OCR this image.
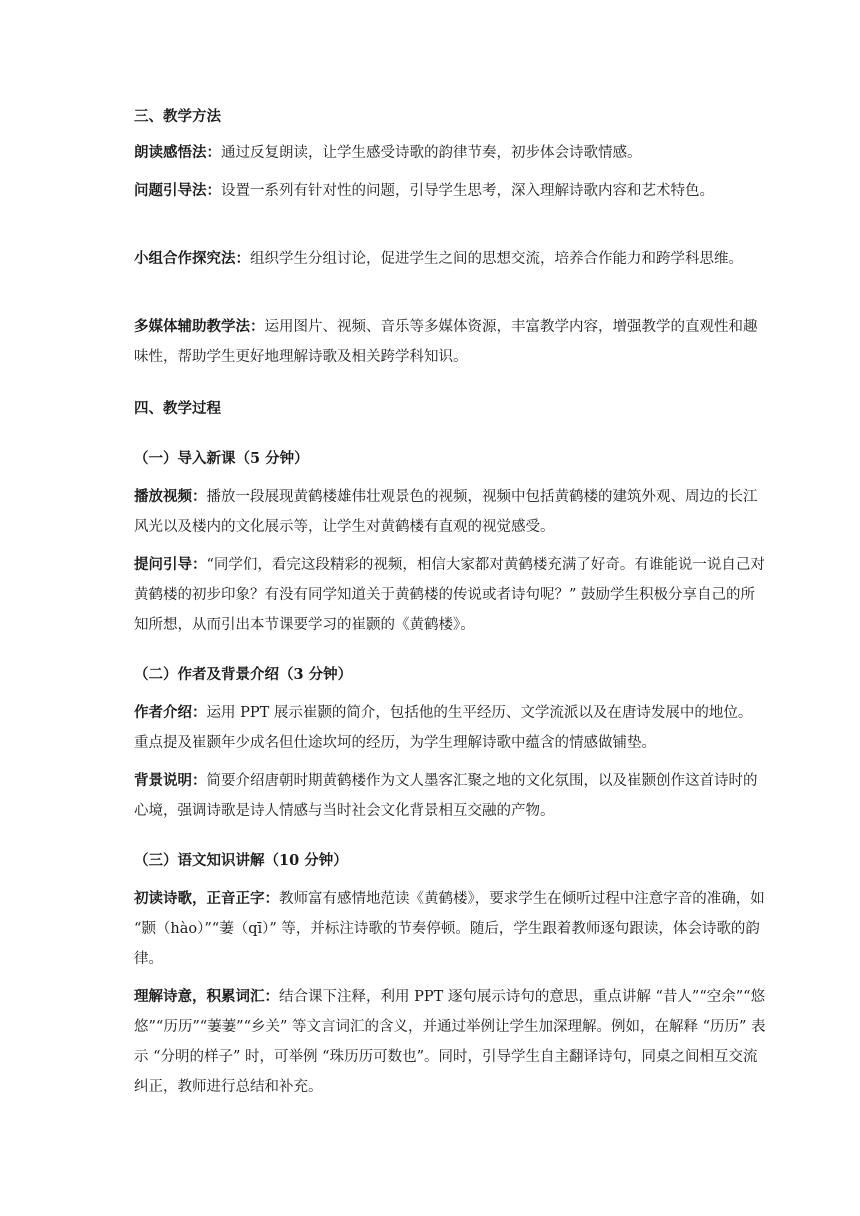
三、教学方法

朗读感悟法：通过反复朗读，让学生感受诗歌的韵律节奏，初步体会诗歌情感。

问题引导法：设置一系列有针对性的问题，引导学生思考，深入理解诗歌内容和艺术特色。

小组合作探究法：组织学生分组讨论，促进学生之间的思想交流，培养合作能力和跨学科思维。

多媒体辅助教学法：运用图片、视频、音乐等多媒体资源，丰富教学内容，增强教学的直观性和趣味性，帮助学生更好地理解诗歌及相关跨学科知识。

四、教学过程

（一）导入新课（5 分钟）

播放视频：播放一段展现黄鹤楼雄伟壮观景色的视频，视频中包括黄鹤楼的建筑外观、周边的长江风光以及楼内的文化展示等，让学生对黄鹤楼有直观的视觉感受。

提问引导：“同学们，看完这段精彩的视频，相信大家都对黄鹤楼充满了好奇。有谁能说一说自己对黄鹤楼的初步印象？有没有同学知道关于黄鹤楼的传说或者诗句呢？” 鼓励学生积极分享自己的所知所想，从而引出本节课要学习的崔颢的《黄鹤楼》。

（二）作者及背景介绍（3 分钟）

作者介绍：运用 PPT 展示崔颢的简介，包括他的生平经历、文学流派以及在唐诗发展中的地位。重点提及崔颢年少成名但仕途坎坷的经历，为学生理解诗歌中蕴含的情感做铺垫。

背景说明：简要介绍唐朝时期黄鹤楼作为文人墨客汇聚之地的文化氛围，以及崔颢创作这首诗时的心境，强调诗歌是诗人情感与当时社会文化背景相互交融的产物。

（三）语文知识讲解（10 分钟）

初读诗歌，正音正字：教师富有感情地范读《黄鹤楼》，要求学生在倾听过程中注意字音的准确，如 “颢（hào）”“萋（qī）” 等，并标注诗歌的节奏停顿。随后，学生跟着教师逐句跟读，体会诗歌的韵律。

理解诗意，积累词汇：结合课下注释，利用 PPT 逐句展示诗句的意思，重点讲解 “昔人”“空余”“悠悠”“历历”“萋萋”“乡关” 等文言词汇的含义，并通过举例让学生加深理解。例如，在解释 “历历” 表示 “分明的样子” 时，可举例 “珠历历可数也”。同时，引导学生自主翻译诗句，同桌之间相互交流纠正，教师进行总结和补充。
